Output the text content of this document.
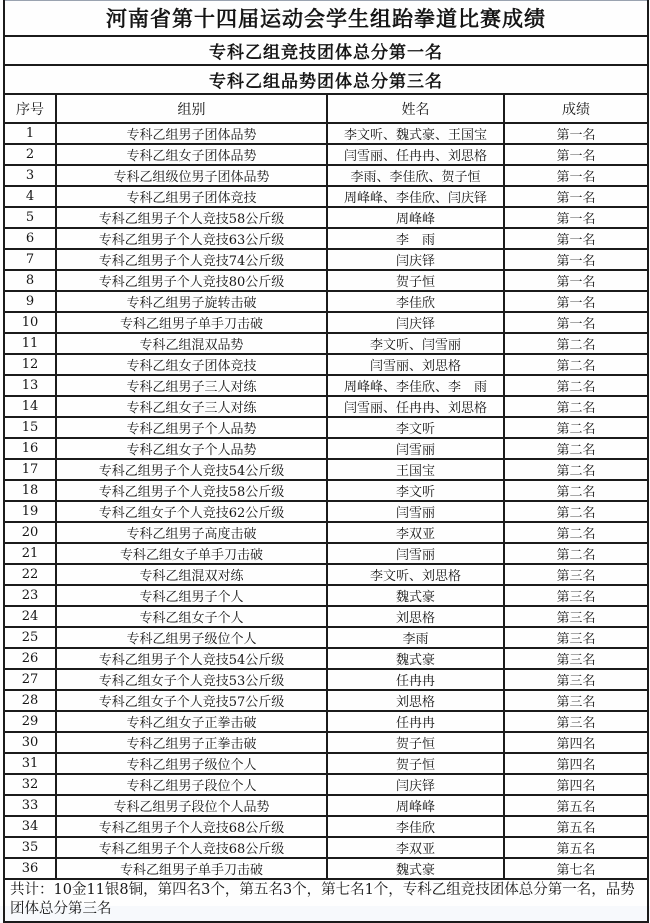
河南省第十四届运动会学生组跆拳道比赛成绩			
专科乙组竞技团体总分第一名			
专科乙组品势团体总分第三名			
序号	组别	姓名	成绩
1	专科乙组男子团体品势	李文听、魏式豪、王国宝	第一名
2	专科乙组女子团体品势	闫雪丽、任冉冉、刘思格	第一名
3	专科乙组级位男子团体品势	李雨、李佳欣、贺子恒	第一名
4	专科乙组男子团体竞技	周峰峰、李佳欣、闫庆铎	第一名
5	专科乙组男子个人竞技58公斤级	周峰峰	第一名
6	专科乙组男子个人竞技63公斤级	李　雨	第一名
7	专科乙组男子个人竞技74公斤级	闫庆铎	第一名
8	专科乙组男子个人竞技80公斤级	贺子恒	第一名
9	专科乙组男子旋转击破	李佳欣	第一名
10	专科乙组男子单手刀击破	闫庆铎	第一名
11	专科乙组混双品势	李文听、闫雪丽	第二名
12	专科乙组女子团体竞技	闫雪丽、刘思格	第二名
13	专科乙组男子三人对练	周峰峰、李佳欣、李　雨	第二名
14	专科乙组女子三人对练	闫雪丽、任冉冉、刘思格	第二名
15	专科乙组男子个人品势	李文听	第二名
16	专科乙组女子个人品势	闫雪丽	第二名
17	专科乙组男子个人竞技54公斤级	王国宝	第二名
18	专科乙组男子个人竞技58公斤级	李文听	第二名
19	专科乙组女子个人竞技62公斤级	闫雪丽	第二名
20	专科乙组男子高度击破	李双亚	第二名
21	专科乙组女子单手刀击破	闫雪丽	第二名
22	专科乙组混双对练	李文听、刘思格	第三名
23	专科乙组男子个人	魏式豪	第三名
24	专科乙组女子个人	刘思格	第三名
25	专科乙组男子级位个人	李雨	第三名
26	专科乙组男子个人竞技54公斤级	魏式豪	第三名
27	专科乙组女子个人竞技53公斤级	任冉冉	第三名
28	专科乙组女子个人竞技57公斤级	刘思格	第三名
29	专科乙组女子正拳击破	任冉冉	第三名
30	专科乙组男子正拳击破	贺子恒	第四名
31	专科乙组男子级位个人	贺子恒	第四名
32	专科乙组男子段位个人	闫庆铎	第四名
33	专科乙组男子段位个人品势	周峰峰	第五名
34	专科乙组男子个人竞技68公斤级	李佳欣	第五名
35	专科乙组男子个人竞技68公斤级	李双亚	第五名
36	专科乙组男子单手刀击破	魏式豪	第七名
共计：10金11银8铜，第四名3个，第五名3个，第七名1个，专科乙组竞技团体总分第一名，品势团体总分第三名			
